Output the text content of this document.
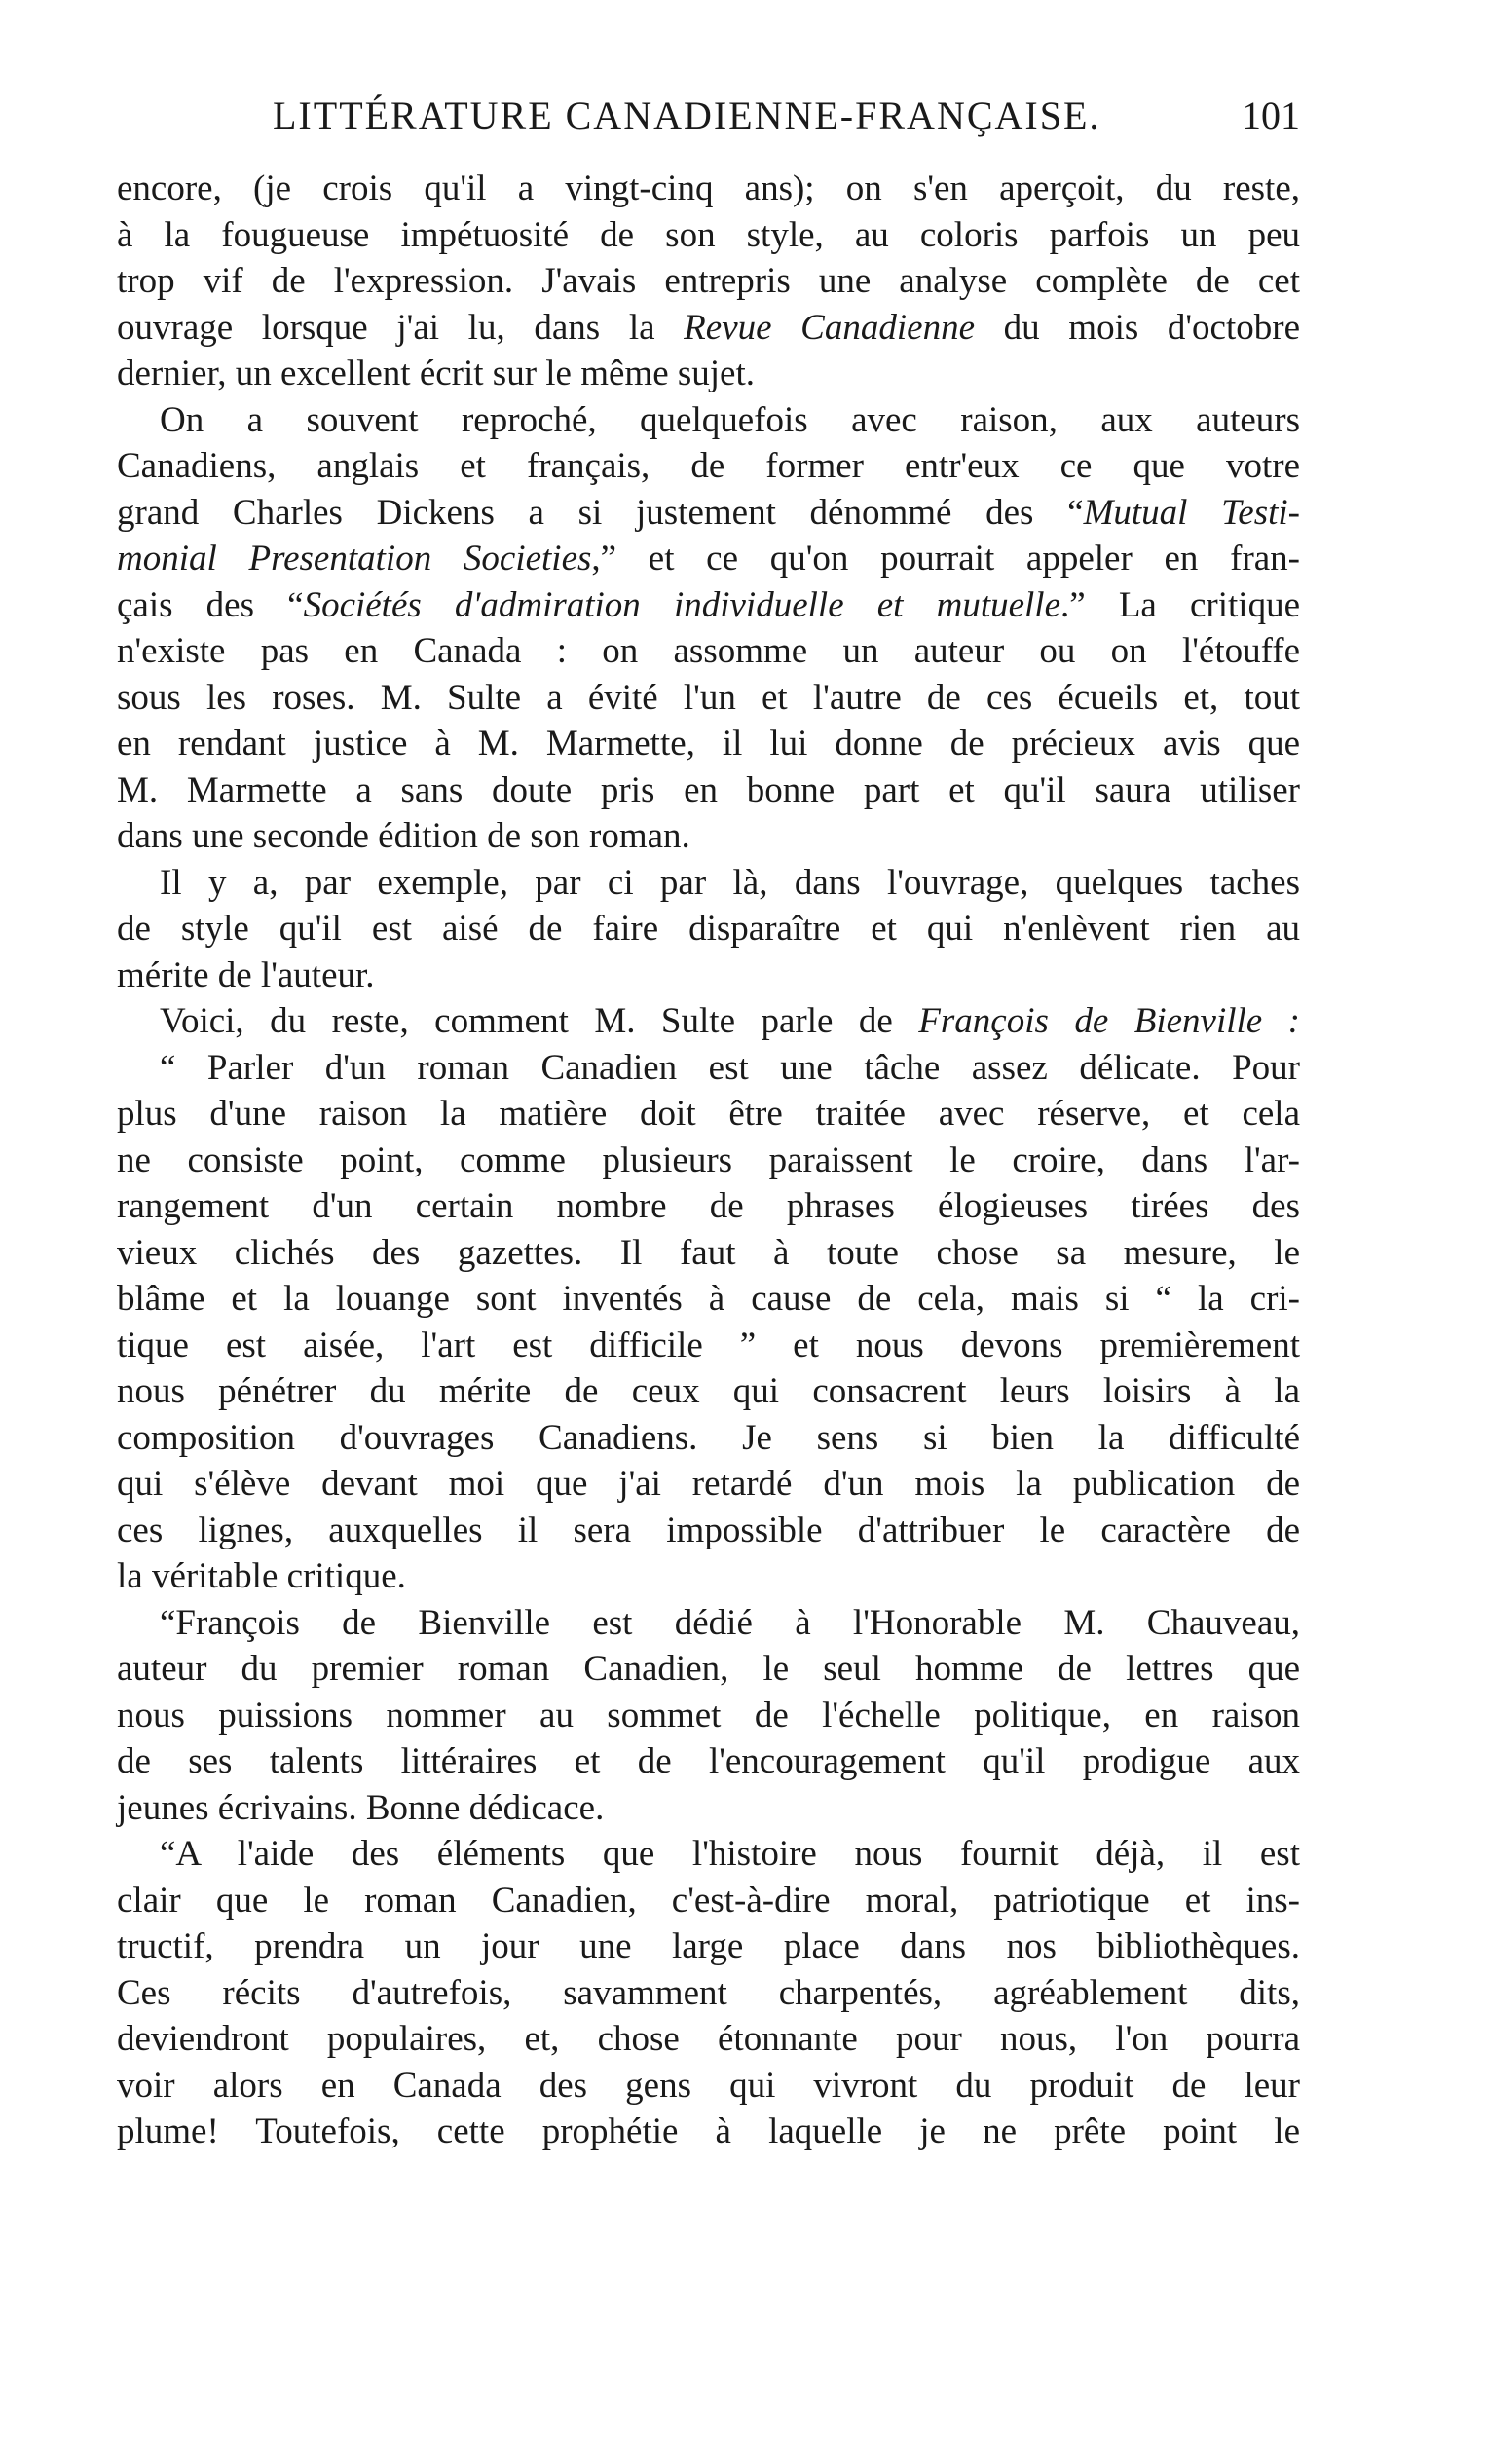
LITTÉRATURE CANADIENNE-FRANÇAISE.	101
encore, (je crois qu'il a vingt-cinq ans); on s'en aperçoit, du reste,
à la fougueuse impétuosité de son style, au coloris parfois un peu
trop vif de l'expression. J'avais entrepris une analyse complète de cet
ouvrage lorsque j'ai lu, dans la Revue Canadienne du mois d'octobre
dernier, un excellent écrit sur le même sujet.
On a souvent reproché, quelquefois avec raison, aux auteurs
Canadiens, anglais et français, de former entr'eux ce que votre
grand Charles Dickens a si justement dénommé des “Mutual Testi-
monial Presentation Societies,” et ce qu'on pourrait appeler en fran-
çais des “Sociétés d'admiration individuelle et mutuelle.” La critique
n'existe pas en Canada : on assomme un auteur ou on l'étouffe
sous les roses. M. Sulte a évité l'un et l'autre de ces écueils et, tout
en rendant justice à M. Marmette, il lui donne de précieux avis que
M. Marmette a sans doute pris en bonne part et qu'il saura utiliser
dans une seconde édition de son roman.
Il y a, par exemple, par ci par là, dans l'ouvrage, quelques taches
de style qu'il est aisé de faire disparaître et qui n'enlèvent rien au
mérite de l'auteur.
Voici, du reste, comment M. Sulte parle de François de Bienville :
“ Parler d'un roman Canadien est une tâche assez délicate. Pour
plus d'une raison la matière doit être traitée avec réserve, et cela
ne consiste point, comme plusieurs paraissent le croire, dans l'ar-
rangement d'un certain nombre de phrases élogieuses tirées des
vieux clichés des gazettes. Il faut à toute chose sa mesure, le
blâme et la louange sont inventés à cause de cela, mais si “ la cri-
tique est aisée, l'art est difficile ” et nous devons premièrement
nous pénétrer du mérite de ceux qui consacrent leurs loisirs à la
composition d'ouvrages Canadiens. Je sens si bien la difficulté
qui s'élève devant moi que j'ai retardé d'un mois la publication de
ces lignes, auxquelles il sera impossible d'attribuer le caractère de
la véritable critique.
“François de Bienville est dédié à l'Honorable M. Chauveau,
auteur du premier roman Canadien, le seul homme de lettres que
nous puissions nommer au sommet de l'échelle politique, en raison
de ses talents littéraires et de l'encouragement qu'il prodigue aux
jeunes écrivains. Bonne dédicace.
“A l'aide des éléments que l'histoire nous fournit déjà, il est
clair que le roman Canadien, c'est-à-dire moral, patriotique et ins-
tructif, prendra un jour une large place dans nos bibliothèques.
Ces récits d'autrefois, savamment charpentés, agréablement dits,
deviendront populaires, et, chose étonnante pour nous, l'on pourra
voir alors en Canada des gens qui vivront du produit de leur
plume! Toutefois, cette prophétie à laquelle je ne prête point le
